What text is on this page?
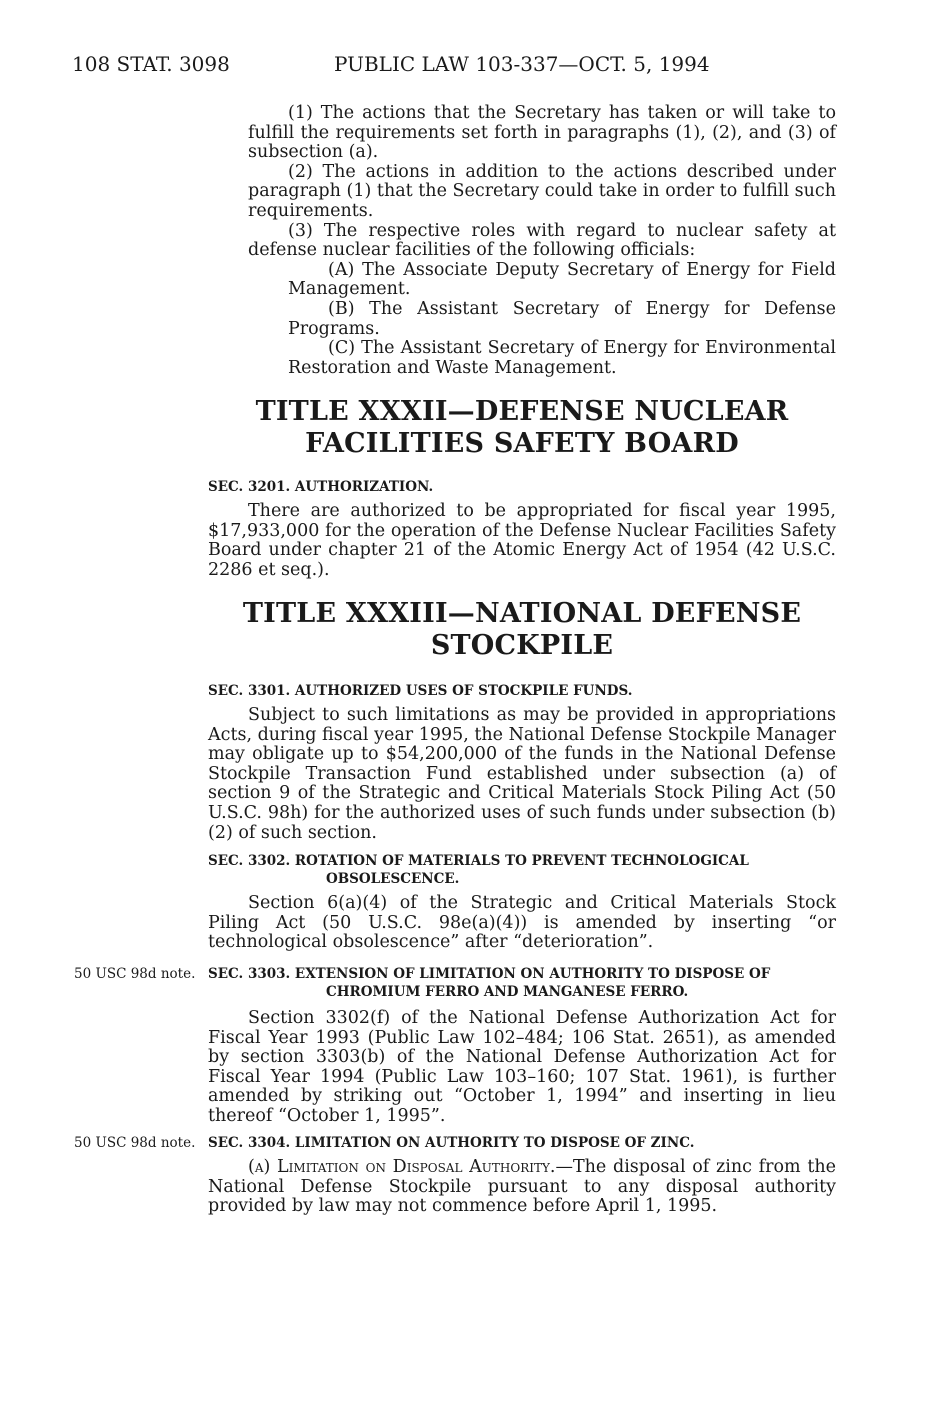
108 STAT. 3098	PUBLIC LAW 103-337—OCT. 5, 1994

(1) The actions that the Secretary has taken or will take to fulfill the requirements set forth in paragraphs (1), (2), and (3) of subsection (a).

(2) The actions in addition to the actions described under paragraph (1) that the Secretary could take in order to fulfill such requirements.

(3) The respective roles with regard to nuclear safety at defense nuclear facilities of the following officials:

(A) The Associate Deputy Secretary of Energy for Field Management.

(B) The Assistant Secretary of Energy for Defense Programs.

(C) The Assistant Secretary of Energy for Environmental Restoration and Waste Management.

TITLE XXXII—DEFENSE NUCLEAR
FACILITIES SAFETY BOARD
SEC. 3201. AUTHORIZATION.

There are authorized to be appropriated for fiscal year 1995, $17,933,000 for the operation of the Defense Nuclear Facilities Safety Board under chapter 21 of the Atomic Energy Act of 1954 (42 U.S.C. 2286 et seq.).

TITLE XXXIII—NATIONAL DEFENSE
STOCKPILE
SEC. 3301. AUTHORIZED USES OF STOCKPILE FUNDS.

Subject to such limitations as may be provided in appropriations Acts, during fiscal year 1995, the National Defense Stockpile Manager may obligate up to $54,200,000 of the funds in the National Defense Stockpile Transaction Fund established under subsection (a) of section 9 of the Strategic and Critical Materials Stock Piling Act (50 U.S.C. 98h) for the authorized uses of such funds under subsection (b)(2) of such section.

SEC. 3302. ROTATION OF MATERIALS TO PREVENT TECHNOLOGICAL OBSOLESCENCE.

Section 6(a)(4) of the Strategic and Critical Materials Stock Piling Act (50 U.S.C. 98e(a)(4)) is amended by inserting “or technological obsolescence” after “deterioration”.

50 USC 98d note. SEC. 3303. EXTENSION OF LIMITATION ON AUTHORITY TO DISPOSE OF CHROMIUM FERRO AND MANGANESE FERRO.

Section 3302(f) of the National Defense Authorization Act for Fiscal Year 1993 (Public Law 102–484; 106 Stat. 2651), as amended by section 3303(b) of the National Defense Authorization Act for Fiscal Year 1994 (Public Law 103–160; 107 Stat. 1961), is further amended by striking out “October 1, 1994” and inserting in lieu thereof “October 1, 1995”.

50 USC 98d note. SEC. 3304. LIMITATION ON AUTHORITY TO DISPOSE OF ZINC.

(a) Limitation on Disposal Authority.—The disposal of zinc from the National Defense Stockpile pursuant to any disposal authority provided by law may not commence before April 1, 1995.
